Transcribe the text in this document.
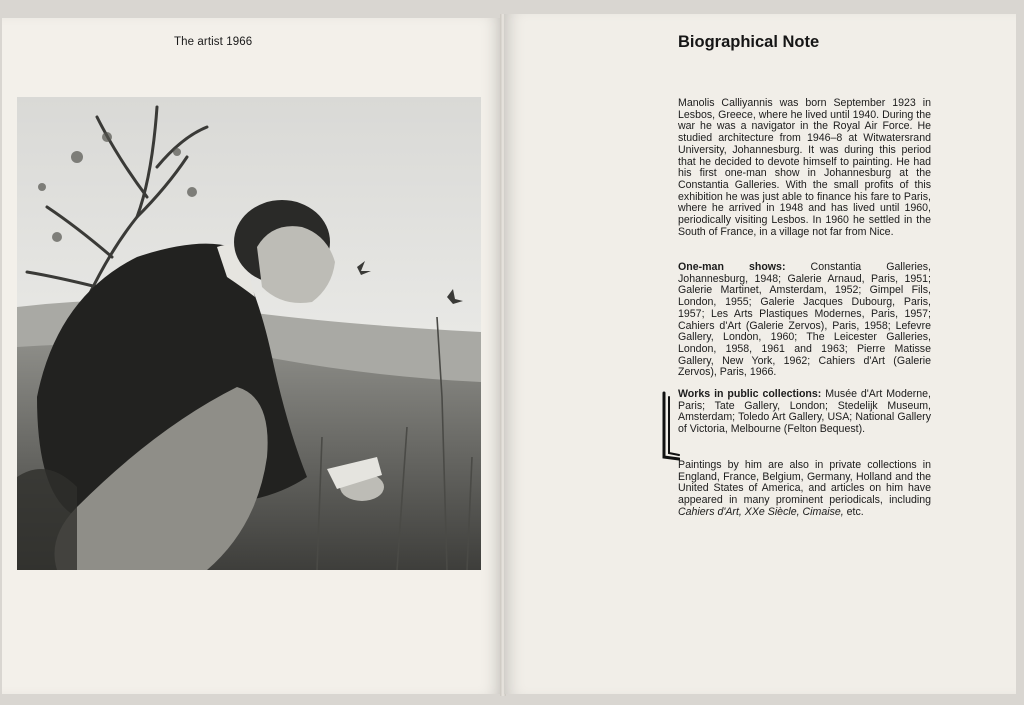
The artist 1966	Biographical Note
Manolis Calliyannis was born September 1923 in Lesbos, Greece, where he lived until 1940. During the war he was a navigator in the Royal Air Force. He studied architecture from 1946–8 at Witwatersrand University, Johannesburg. It was during this period that he decided to devote himself to painting. He had his first one-man show in Johannesburg at the Constantia Galleries. With the small profits of this exhibition he was just able to finance his fare to Paris, where he arrived in 1948 and has lived until 1960, periodically visiting Lesbos. In 1960 he settled in the South of France, in a village not far from Nice.
One-man shows: Constantia Galleries, Johannesburg, 1948; Galerie Arnaud, Paris, 1951; Galerie Martinet, Amsterdam, 1952; Gimpel Fils, London, 1955; Galerie Jacques Dubourg, Paris, 1957; Les Arts Plastiques Modernes, Paris, 1957; Cahiers d'Art (Galerie Zervos), Paris, 1958; Lefevre Gallery, London, 1960; The Leicester Galleries, London, 1958, 1961 and 1963; Pierre Matisse Gallery, New York, 1962; Cahiers d'Art (Galerie Zervos), Paris, 1966.
Works in public collections: Musée d'Art Moderne, Paris; Tate Gallery, London; Stedelijk Museum, Amsterdam; Toledo Art Gallery, USA; National Gallery of Victoria, Melbourne (Felton Bequest).
Paintings by him are also in private collections in England, France, Belgium, Germany, Holland and the United States of America, and articles on him have appeared in many prominent periodicals, including Cahiers d'Art, XXe Siècle, Cimaise, etc.
